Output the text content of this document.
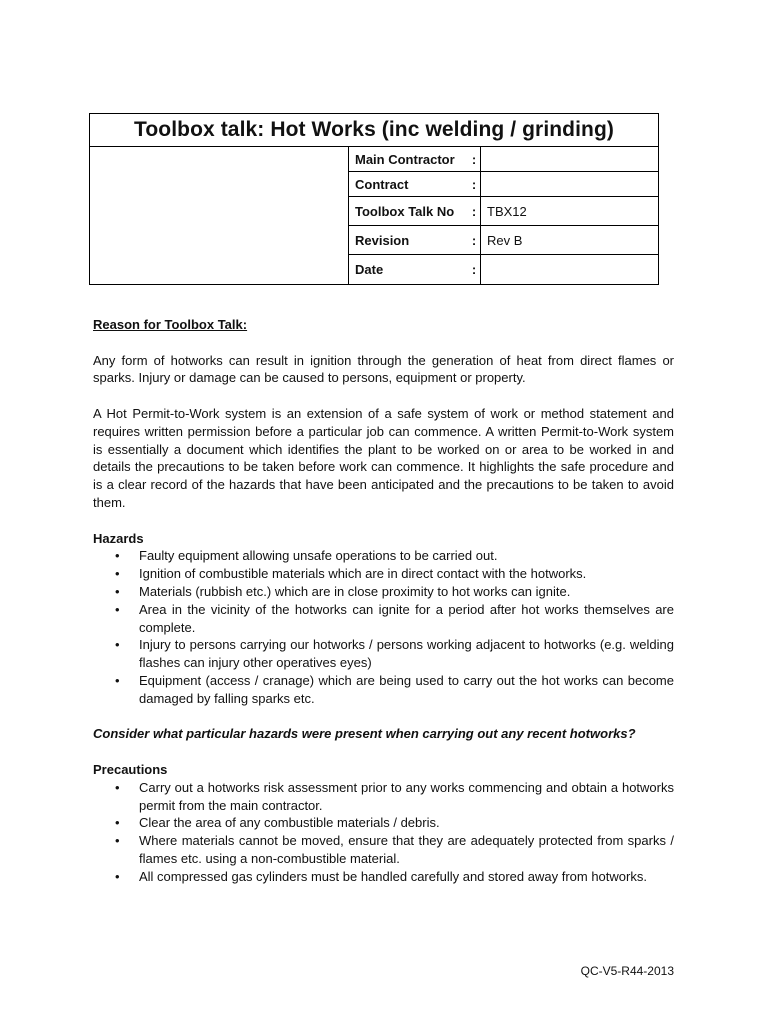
Toolbox talk: Hot Works (inc welding / grinding)			
	Main Contractor	:	
	Contract	:	
	Toolbox Talk No	:	TBX12
	Revision	:	Rev B
	Date	:	

Reason for Toolbox Talk:

Any form of hotworks can result in ignition through the generation of heat from direct flames or sparks. Injury or damage can be caused to persons, equipment or property.

A Hot Permit-to-Work system is an extension of a safe system of work or method statement and requires written permission before a particular job can commence. A written Permit-to-Work system is essentially a document which identifies the plant to be worked on or area to be worked in and details the precautions to be taken before work can commence. It highlights the safe procedure and is a clear record of the hazards that have been anticipated and the precautions to be taken to avoid them.

Hazards

• Faulty equipment allowing unsafe operations to be carried out.
• Ignition of combustible materials which are in direct contact with the hotworks.
• Materials (rubbish etc.) which are in close proximity to hot works can ignite.
• Area in the vicinity of the hotworks can ignite for a period after hot works themselves are complete.
• Injury to persons carrying our hotworks / persons working adjacent to hotworks (e.g. welding flashes can injury other operatives eyes)
• Equipment (access / cranage) which are being used to carry out the hot works can become damaged by falling sparks etc.

Consider what particular hazards were present when carrying out any recent hotworks?

Precautions

• Carry out a hotworks risk assessment prior to any works commencing and obtain a hotworks permit from the main contractor.
• Clear the area of any combustible materials / debris.
• Where materials cannot be moved, ensure that they are adequately protected from sparks / flames etc. using a non-combustible material.
• All compressed gas cylinders must be handled carefully and stored away from hotworks.
QC-V5-R44-2013
